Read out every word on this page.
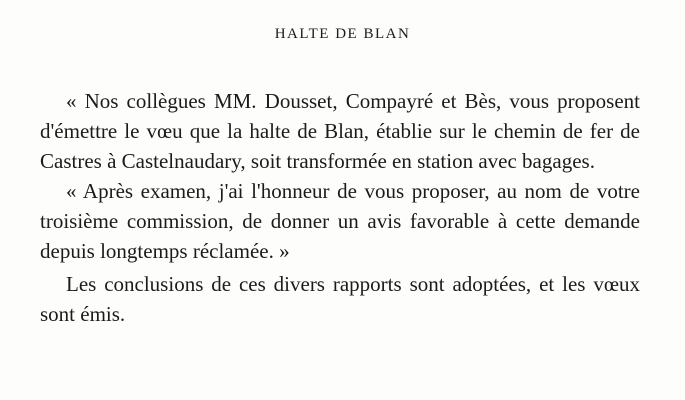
HALTE DE BLAN

« Nos collègues MM. Dousset, Compayré et Bès, vous proposent d'émettre le vœu que la halte de Blan, établie sur le chemin de fer de Castres à Castelnaudary, soit transformée en station avec bagages.

« Après examen, j'ai l'honneur de vous proposer, au nom de votre troisième commission, de donner un avis favorable à cette demande depuis longtemps réclamée. »

Les conclusions de ces divers rapports sont adoptées, et les vœux sont émis.
